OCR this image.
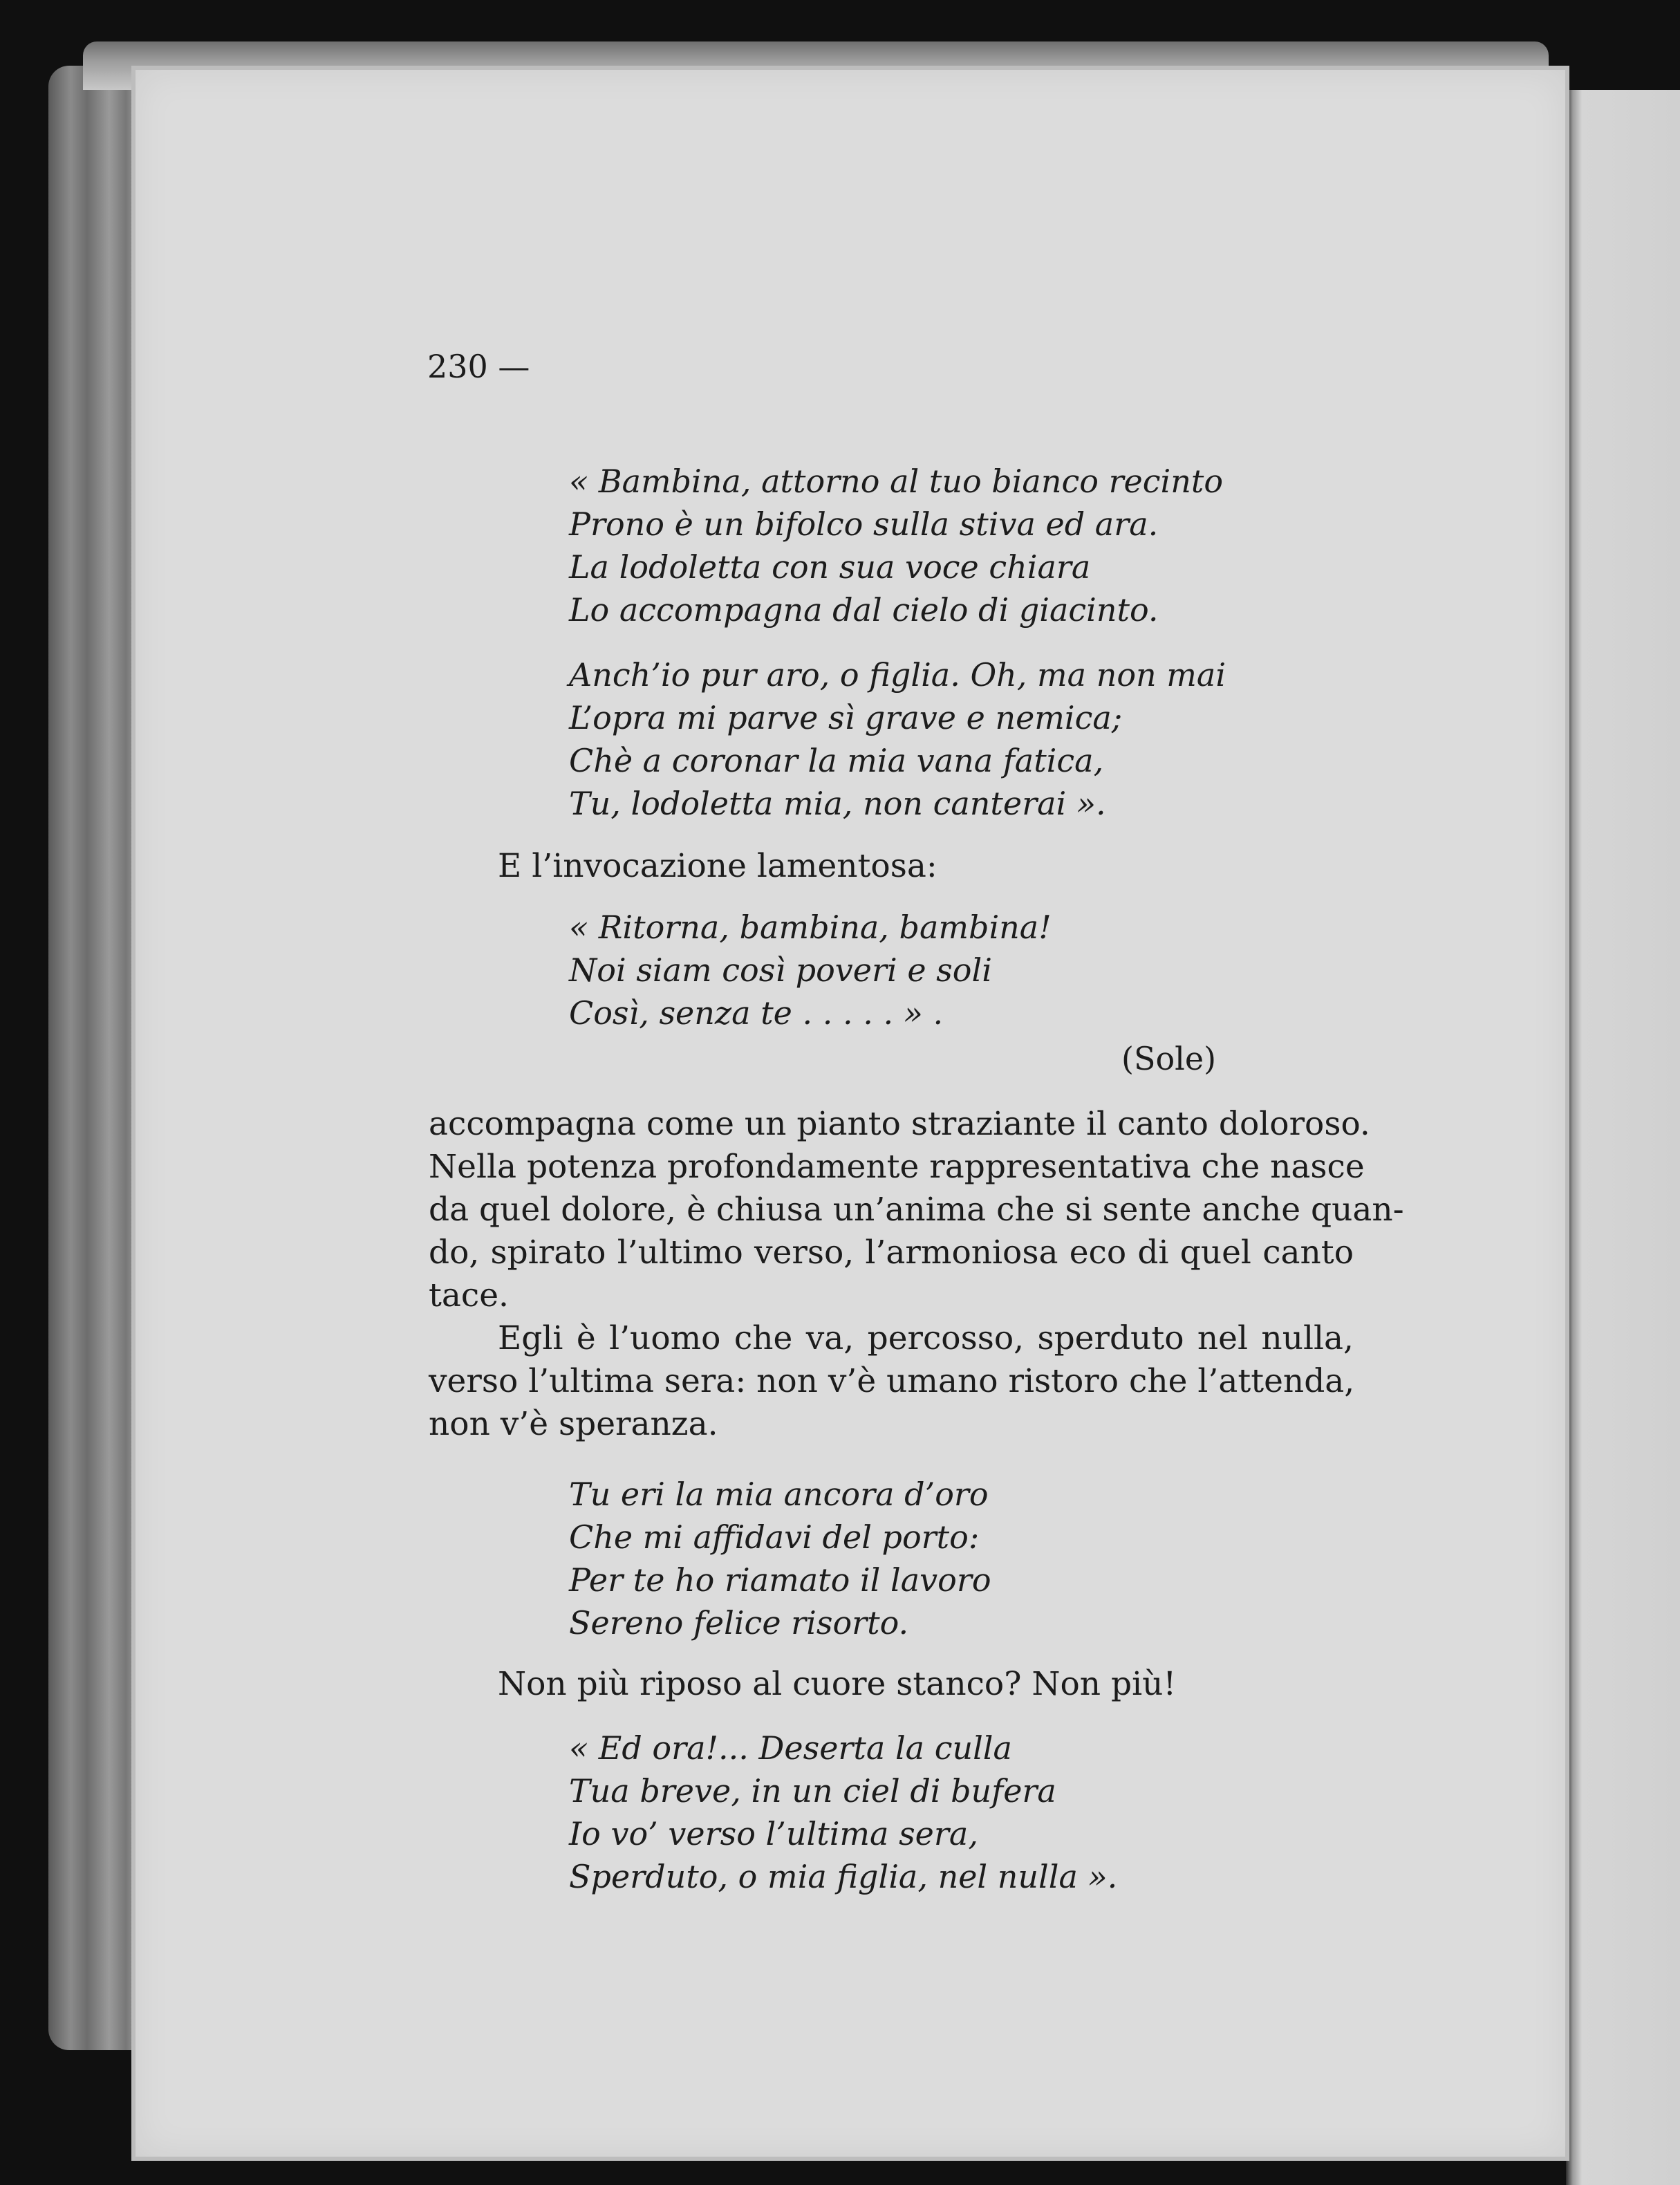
230 —
« Bambina, attorno al tuo bianco recinto
Prono è un bifolco sulla stiva ed ara.
La lodoletta con sua voce chiara
Lo accompagna dal cielo di giacinto.
Anch’io pur aro, o figlia. Oh, ma non mai
L’opra mi parve sì grave e nemica;
Chè a coronar la mia vana fatica,
Tu, lodoletta mia, non canterai ».
E l’invocazione lamentosa:
« Ritorna, bambina, bambina!
Noi siam così poveri e soli
Così, senza te . . . . . » .
(Sole)
accompagna come un pianto straziante il canto doloroso.
Nella potenza profondamente rappresentativa che nasce
da quel dolore, è chiusa un’anima che si sente anche quan-
do, spirato l’ultimo verso, l’armoniosa eco di quel canto
tace.
Egli è l’uomo che va, percosso, sperduto nel nulla,
verso l’ultima sera: non v’è umano ristoro che l’attenda,
non v’è speranza.
Tu eri la mia ancora d’oro
Che mi affidavi del porto:
Per te ho riamato il lavoro
Sereno felice risorto.
Non più riposo al cuore stanco? Non più!
« Ed ora!... Deserta la culla
Tua breve, in un ciel di bufera
Io vo’ verso l’ultima sera,
Sperduto, o mia figlia, nel nulla ».
